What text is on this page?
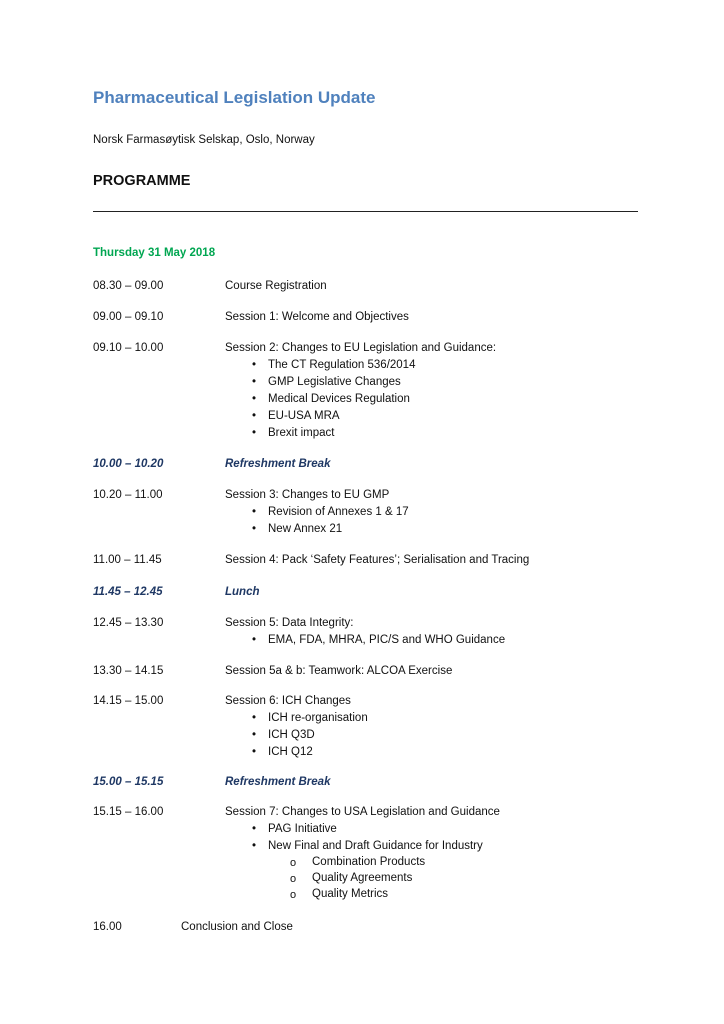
Pharmaceutical Legislation Update
Norsk Farmasøytisk Selskap, Oslo, Norway
PROGRAMME
Thursday 31 May 2018
08.30 – 09.00	Course Registration
09.00 – 09.10	Session 1: Welcome and Objectives
09.10 – 10.00	Session 2: Changes to EU Legislation and Guidance:
• The CT Regulation 536/2014
• GMP Legislative Changes
• Medical Devices Regulation
• EU-USA MRA
• Brexit impact
10.00 – 10.20	Refreshment Break
10.20 – 11.00	Session 3: Changes to EU GMP
• Revision of Annexes 1 & 17
• New Annex 21
11.00 – 11.45	Session 4: Pack ‘Safety Features’; Serialisation and Tracing
11.45 – 12.45	Lunch
12.45 – 13.30	Session 5: Data Integrity:
• EMA, FDA, MHRA, PIC/S and WHO Guidance
13.30 – 14.15	Session 5a & b: Teamwork: ALCOA Exercise
14.15 – 15.00	Session 6: ICH Changes
• ICH re-organisation
• ICH Q3D
• ICH Q12
15.00 – 15.15	Refreshment Break
15.15 – 16.00	Session 7: Changes to USA Legislation and Guidance
• PAG Initiative
• New Final and Draft Guidance for Industry
o Combination Products
o Quality Agreements
o Quality Metrics
16.00	Conclusion and Close
